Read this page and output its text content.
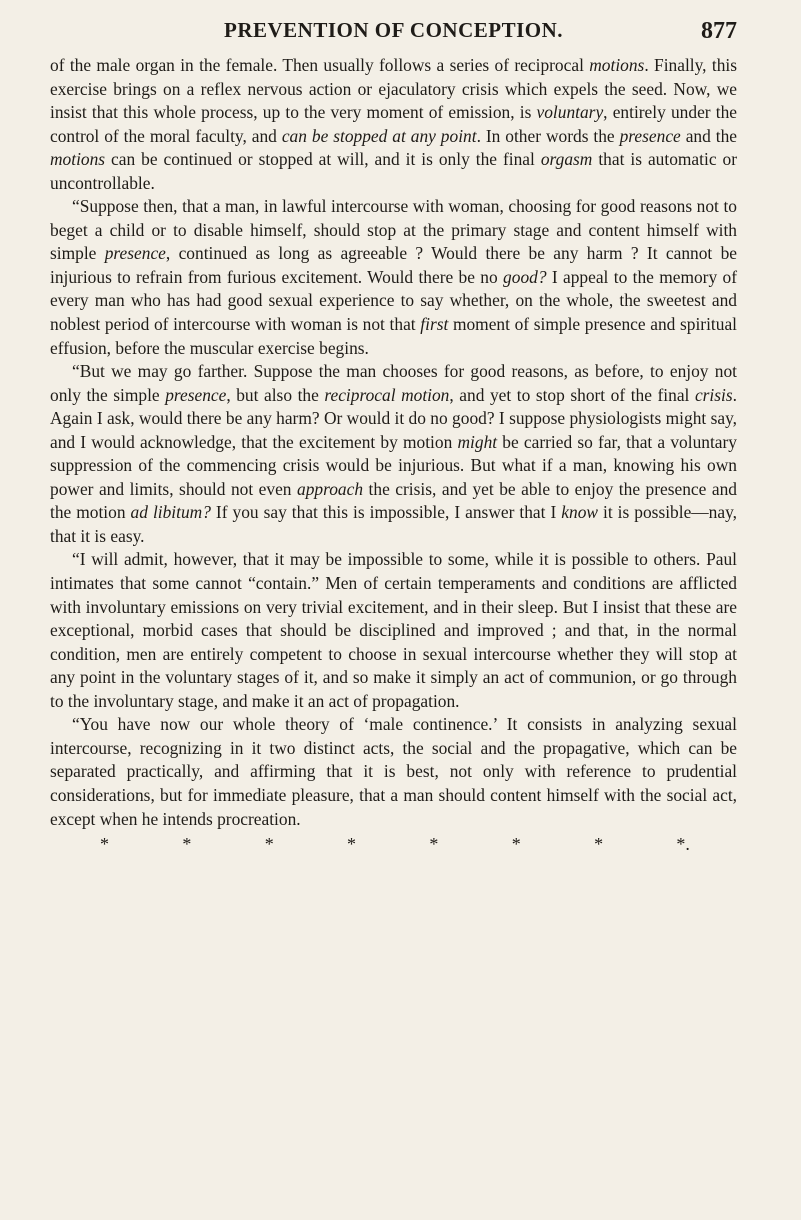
PREVENTION OF CONCEPTION.	877

of the male organ in the female. Then usually follows a series of reciprocal motions. Finally, this exercise brings on a reflex nervous action or ejaculatory crisis which expels the seed. Now, we insist that this whole process, up to the very moment of emission, is voluntary, entirely under the control of the moral faculty, and can be stopped at any point. In other words the presence and the motions can be continued or stopped at will, and it is only the final orgasm that is automatic or uncontrollable.

“Suppose then, that a man, in lawful intercourse with woman, choosing for good reasons not to beget a child or to disable himself, should stop at the primary stage and content himself with simple presence, continued as long as agreeable ? Would there be any harm ? It cannot be injurious to refrain from furious excitement. Would there be no good? I appeal to the memory of every man who has had good sexual experience to say whether, on the whole, the sweetest and noblest period of intercourse with woman is not that first moment of simple presence and spiritual effusion, before the muscular exercise begins.

“But we may go farther. Suppose the man chooses for good reasons, as before, to enjoy not only the simple presence, but also the reciprocal motion, and yet to stop short of the final crisis. Again I ask, would there be any harm? Or would it do no good? I suppose physiologists might say, and I would acknowledge, that the excitement by motion might be carried so far, that a voluntary suppression of the commencing crisis would be injurious. But what if a man, knowing his own power and limits, should not even approach the crisis, and yet be able to enjoy the presence and the motion ad libitum? If you say that this is impossible, I answer that I know it is possible—nay, that it is easy.

“I will admit, however, that it may be impossible to some, while it is possible to others. Paul intimates that some cannot “contain.” Men of certain temperaments and conditions are afflicted with involuntary emissions on very trivial excitement, and in their sleep. But I insist that these are exceptional, morbid cases that should be disciplined and improved ; and that, in the normal condition, men are entirely competent to choose in sexual intercourse whether they will stop at any point in the voluntary stages of it, and so make it simply an act of communion, or go through to the involuntary stage, and make it an act of propagation.

“You have now our whole theory of ‘male continence.’ It consists in analyzing sexual intercourse, recognizing in it two distinct acts, the social and the propagative, which can be separated practically, and affirming that it is best, not only with reference to prudential considerations, but for immediate pleasure, that a man should content himself with the social act, except when he intends procreation.

*	*	*	*	*	*	*	*.
